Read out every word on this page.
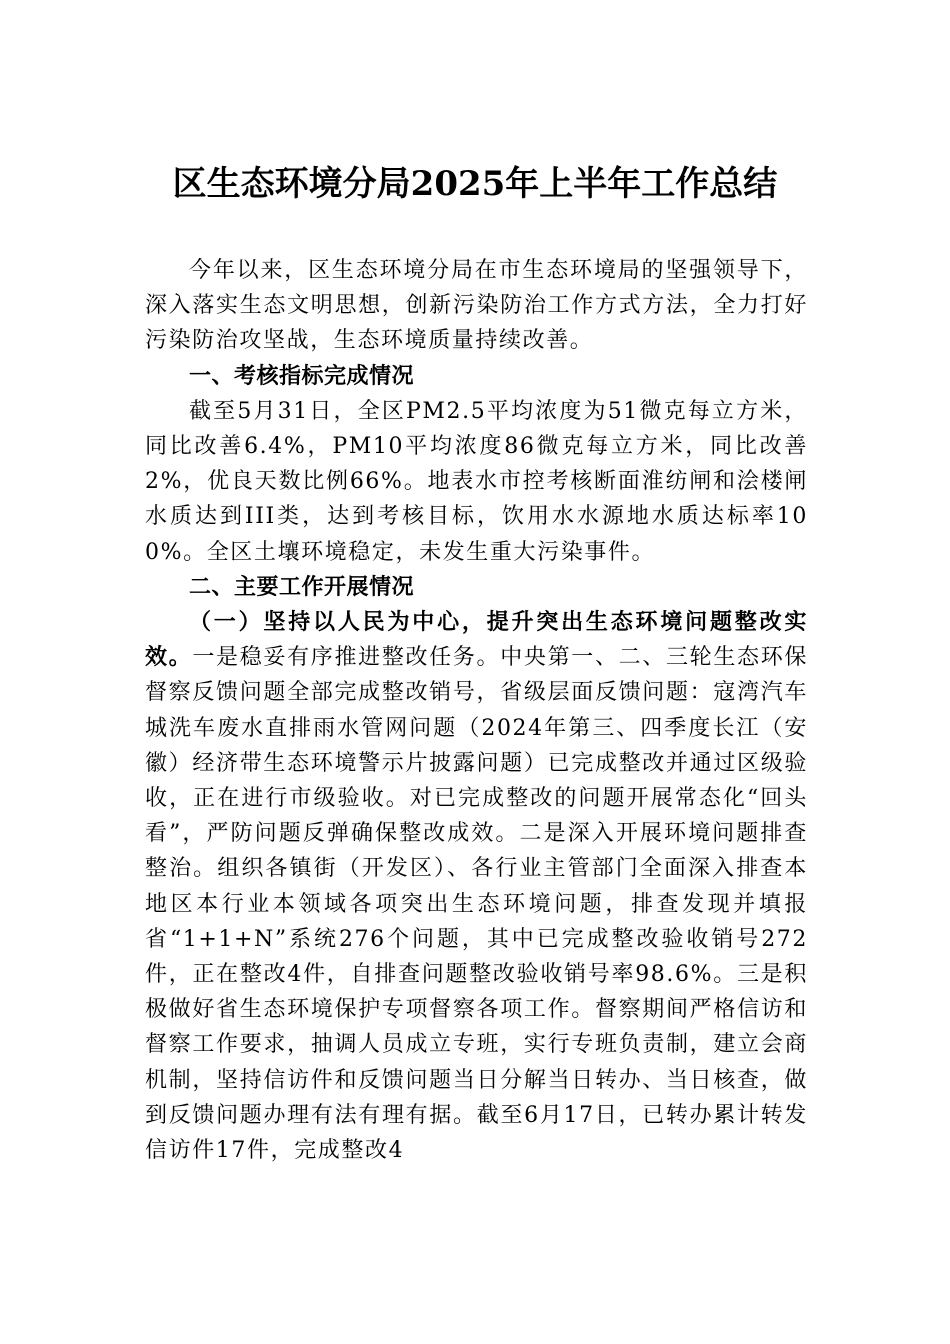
区生态环境分局2025年上半年工作总结

今年以来，区生态环境分局在市生态环境局的坚强领导下，深入落实生态文明思想，创新污染防治工作方式方法，全力打好污染防治攻坚战，生态环境质量持续改善。

一、考核指标完成情况

截至5月31日，全区PM2.5平均浓度为51微克每立方米，同比改善6.4%，PM10平均浓度86微克每立方米，同比改善2%，优良天数比例66%。地表水市控考核断面淮纺闸和浍楼闸水质达到III类，达到考核目标，饮用水水源地水质达标率100%。全区土壤环境稳定，未发生重大污染事件。

二、主要工作开展情况

（一）坚持以人民为中心，提升突出生态环境问题整改实效。一是稳妥有序推进整改任务。中央第一、二、三轮生态环保督察反馈问题全部完成整改销号，省级层面反馈问题：寇湾汽车城洗车废水直排雨水管网问题（2024年第三、四季度长江（安徽）经济带生态环境警示片披露问题）已完成整改并通过区级验收，正在进行市级验收。对已完成整改的问题开展常态化“回头看”，严防问题反弹确保整改成效。二是深入开展环境问题排查整治。组织各镇街（开发区）、各行业主管部门全面深入排查本地区本行业本领域各项突出生态环境问题，排查发现并填报省“1+1+N”系统276个问题，其中已完成整改验收销号272件，正在整改4件，自排查问题整改验收销号率98.6%。三是积极做好省生态环境保护专项督察各项工作。督察期间严格信访和督察工作要求，抽调人员成立专班，实行专班负责制，建立会商机制，坚持信访件和反馈问题当日分解当日转办、当日核查，做到反馈问题办理有法有理有据。截至6月17日，已转办累计转发信访件17件，完成整改4
